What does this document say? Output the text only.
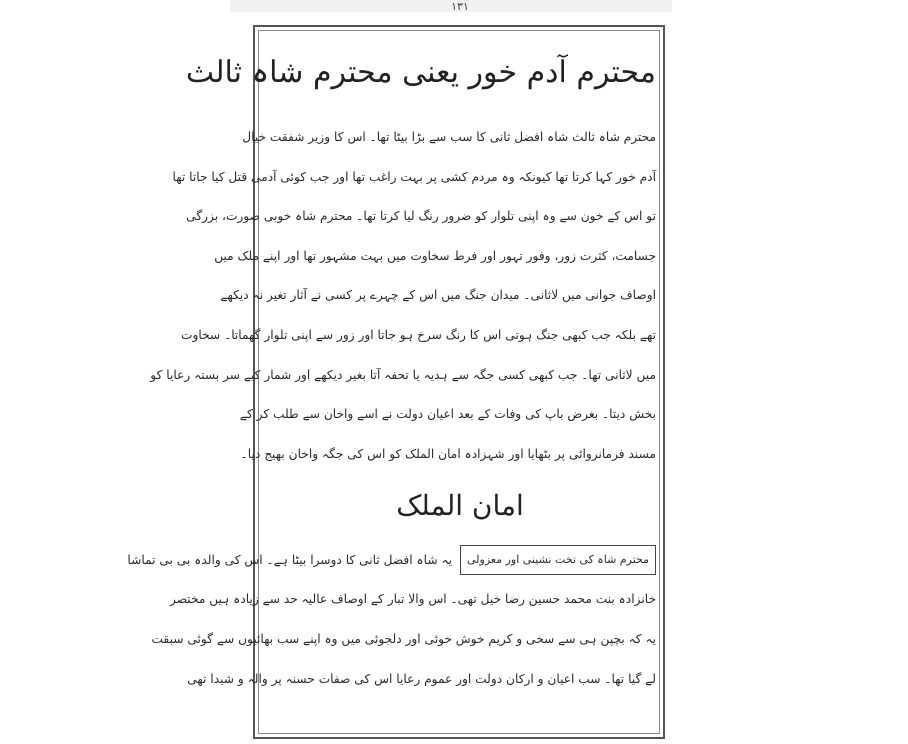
۱۳۱
محترم آدم خور یعنی محترم شاہ ثالث
محترم شاہ ثالث شاہ افضل ثانی کا سب سے بڑا بیٹا تھا۔ اس کا وزیر شفقت خیال
آدم خور کہا کرتا تھا کیونکہ وہ مردم کشی پر بہت راغب تھا اور جب کوئی آدمی قتل کیا جاتا تھا
تو اس کے خون سے وہ اپنی تلوار کو ضرور رنگ لیا کرتا تھا۔ محترم شاہ خوبی صورت، بزرگی
جسامت، کثرت زور، وفور تہور اور فرط سخاوت میں بہت مشہور تھا اور اپنے ملک میں
اوصاف جوانی میں لاثانی۔ میدان جنگ میں اس کے چہرے پر کسی نے آثار تغیر نہ دیکھے
تھے بلکہ جب کبھی جنگ ہوتی اس کا رنگ سرخ ہو جاتا اور زور سے اپنی تلوار گھماتا۔ سخاوت
میں لاثانی تھا۔ جب کبھی کسی جگہ سے ہدیہ یا تحفہ آتا بغیر دیکھے اور شمار کیے سر بستہ رعایا کو
بخش دیتا۔ بغرض باپ کی وفات کے بعد اعیان دولت نے اسے واخان سے طلب کر کے
مسند فرمانروائی پر بٹھایا اور شہزادہ امان الملک کو اس کی جگہ واخان بھیج دیا۔
امان الملک
محترم شاہ کی تخت نشینی اور معزولی
یہ شاہ افضل ثانی کا دوسرا بیٹا ہے۔ اس کی والدہ بی بی تماشا
خانزادہ بنت محمد حسین رضا خیل تھی۔ اس والا تبار کے اوصاف عالیہ حد سے زیادہ ہیں مختصر
یہ کہ بچپن ہی سے سخی و کریم خوش خوئی اور دلجوئی میں وہ اپنے سب بھائیوں سے گوئی سبقت
لے گیا تھا۔ سب اعیان و ارکان دولت اور عموم رعایا اس کی صفات حسنہ پر والہ و شیدا تھی
